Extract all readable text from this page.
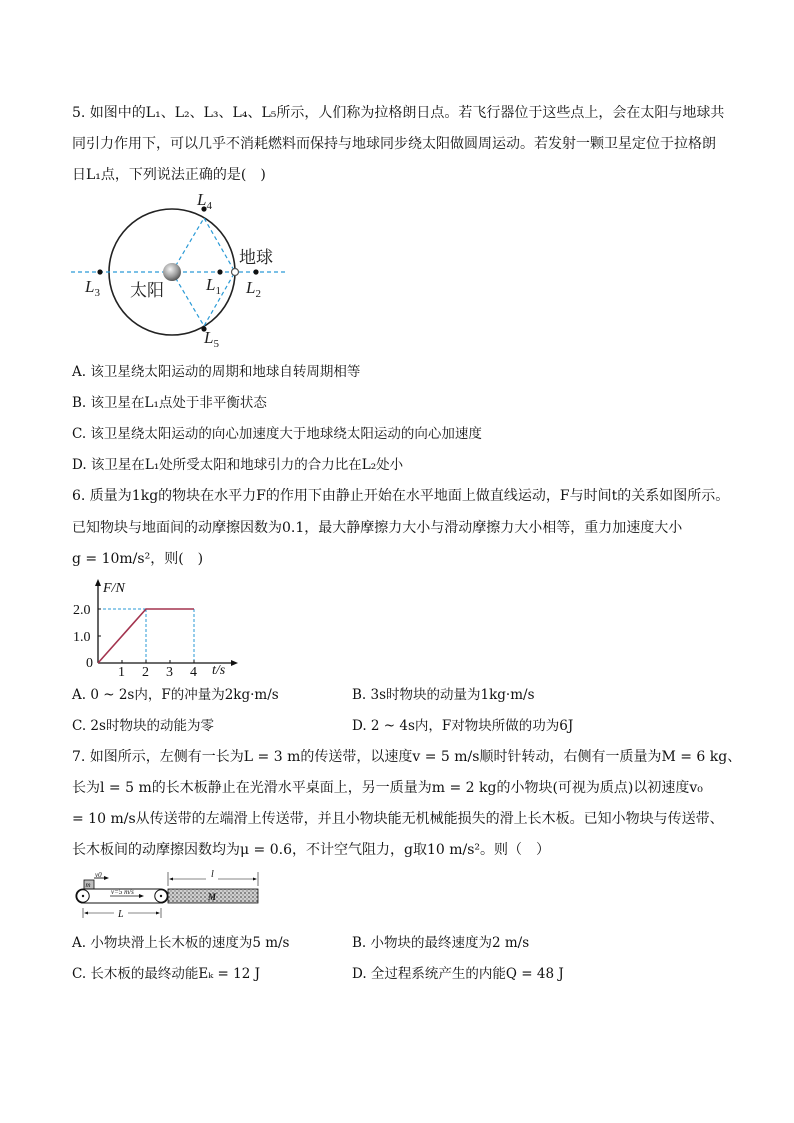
5. 如图中的L₁、L₂、L₃、L₄、L₅所示，人们称为拉格朗日点。若飞行器位于这些点上，会在太阳与地球共
同引力作用下，可以几乎不消耗燃料而保持与地球同步绕太阳做圆周运动。若发射一颗卫星定位于拉格朗
日L₁点，下列说法正确的是(　)
太阳
地球
$L_3$	$L_1$ $L_2$
$L_4$
$L_5$
A. 该卫星绕太阳运动的周期和地球自转周期相等
B. 该卫星在L₁点处于非平衡状态
C. 该卫星绕太阳运动的向心加速度大于地球绕太阳运动的向心加速度
D. 该卫星在L₁处所受太阳和地球引力的合力比在L₂处小
6. 质量为1kg的物块在水平力F的作用下由静止开始在水平地面上做直线运动，F与时间t的关系如图所示。
已知物块与地面间的动摩擦因数为0.1，最大静摩擦力大小与滑动摩擦力大小相等，重力加速度大小
g = 10m/s²，则(　)
F/N
2.0
1.0
0
1 2 3 4 t/s
A. 0 ~ 2s内，F的冲量为2kg·m/s	B. 3s时物块的动量为1kg·m/s
C. 2s时物块的动能为零	D. 2 ~ 4s内，F对物块所做的功为6J
7. 如图所示，左侧有一长为L = 3 m的传送带，以速度v = 5 m/s顺时针转动，右侧有一质量为M = 6 kg、
长为l = 5 m的长木板静止在光滑水平桌面上，另一质量为m = 2 kg的小物块(可视为质点)以初速度v₀
= 10 m/s从传送带的左端滑上传送带，并且小物块能无机械能损失的滑上长木板。已知小物块与传送带、
长木板间的动摩擦因数均为μ = 0.6，不计空气阻力，g取10 m/s²。则（　）
v0
m
v=5 m/s
L
M
l
A. 小物块滑上长木板的速度为5 m/s	B. 小物块的最终速度为2 m/s
C. 长木板的最终动能Eₖ = 12 J	D. 全过程系统产生的内能Q = 48 J
